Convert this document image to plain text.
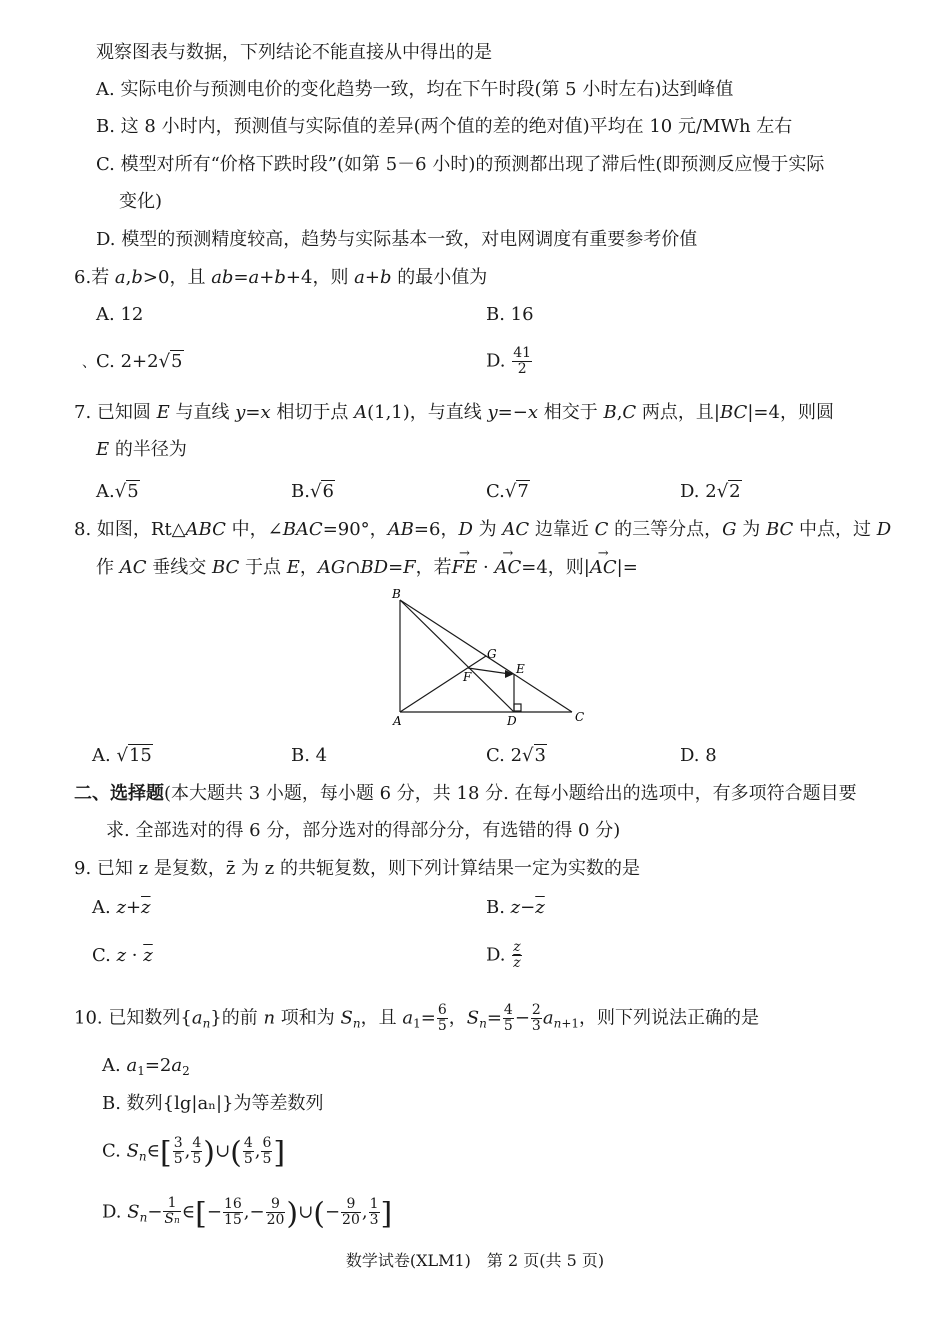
观察图表与数据，下列结论不能直接从中得出的是
A. 实际电价与预测电价的变化趋势一致，均在下午时段(第 5 小时左右)达到峰值
B. 这 8 小时内，预测值与实际值的差异(两个值的差的绝对值)平均在 10 元/MWh 左右
C. 模型对所有“价格下跌时段”(如第 5－6 小时)的预测都出现了滞后性(即预测反应慢于实际
变化)
D. 模型的预测精度较高，趋势与实际基本一致，对电网调度有重要参考价值
6.若 a,b>0，且 ab=a+b+4，则 a+b 的最小值为
A. 12	B. 16
、C. 2+2√5	D. $\frac{41}{2}$
7. 已知圆 E 与直线 y=x 相切于点 A(1,1)，与直线 y=−x 相交于 B,C 两点，且|BC|=4，则圆
E 的半径为
A.√5	B.√6	C.√7	D. 2√2
8. 如图，Rt△ABC 中，∠BAC=90°，AB=6，D 为 AC 边靠近 C 的三等分点，G 为 BC 中点，过 D
作 AC 垂线交 BC 于点 E，AG∩BD=F，若→ FE · → AC=4，则|→ AC|=
B
A	C
D
E
F
G
A. √15	B. 4	C. 2√3	D. 8
二、选择题(本大题共 3 小题，每小题 6 分，共 18 分. 在每小题给出的选项中，有多项符合题目要
求. 全部选对的得 6 分，部分选对的得部分分，有选错的得 0 分)
9. 已知 z 是复数，z̄ 为 z 的共轭复数，则下列计算结果一定为实数的是
A. $z+\overline{z}$	B. $z-\overline{z}$
C. $z \cdot \overline{z}$	D. $\frac{z}{z}$
10. 已知数列$\{a_n\}$的前 n 项和为 $S_n$，且 $a_1= \frac{6}{5}$ ，$S_n= \frac{4}{5} - \frac{2}{3} a_{n+1}$，则下列说法正确的是
A. $a_1=2a_2$
B. 数列{lg|aₙ|}为等差数列
C. $S_n\in[ \frac{3}{5}$ , $\frac{4}{5}$ )∪( $\frac{4}{5}$ , $\frac{6}{5}$ ]
D. $S_n- \frac{1}{Sn}$ ∈[− $\frac{16}{15}$ ,− $\frac{9}{20}$ )∪(− $\frac{9}{20}$ , $\frac{1}{3}$ ]
数学试卷(XLM1)　第 2 页(共 5 页)
